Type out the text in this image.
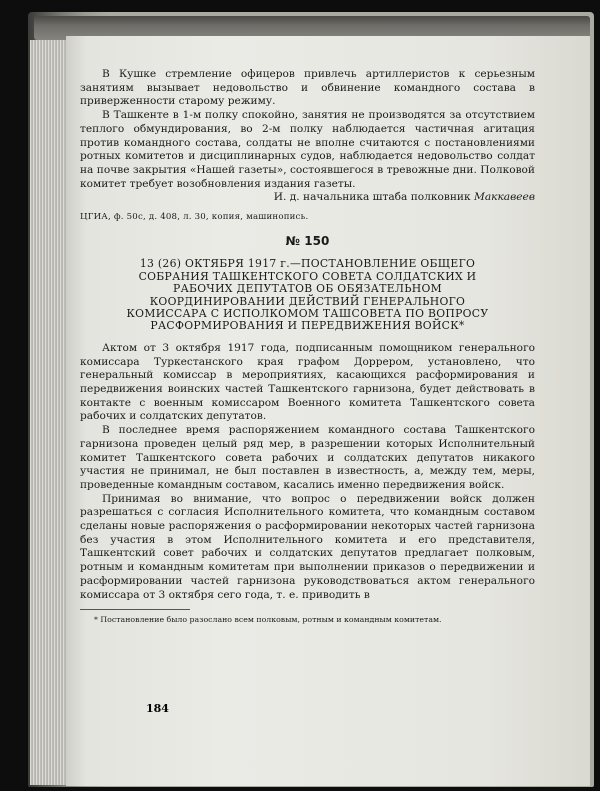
В Кушке стремление офицеров привлечь артиллеристов к серьезным занятиям вызывает недовольство и обвинение командного состава в приверженности старому режиму.

В Ташкенте в 1-м полку спокойно, занятия не производятся за отсутствием теплого обмундирования, во 2-м полку наблюдается частичная агитация против командного состава, солдаты не вполне считаются с постановлениями ротных комитетов и дисциплинарных судов, наблюдается недовольство солдат на почве закрытия «Нашей газеты», состоявшегося в тревожные дни. Полковой комитет требует возобновления издания газеты.

И. д. начальника штаба полковник Маккавеев

ЦГИА, ф. 50с, д. 408, л. 30, копия, машинопись.

№ 150

13 (26) ОКТЯБРЯ 1917 г.—ПОСТАНОВЛЕНИЕ ОБЩЕГО
СОБРАНИЯ ТАШКЕНТСКОГО СОВЕТА СОЛДАТСКИХ И
РАБОЧИХ ДЕПУТАТОВ ОБ ОБЯЗАТЕЛЬНОМ
КООРДИНИРОВАНИИ ДЕЙСТВИЙ ГЕНЕРАЛЬНОГО
КОМИССАРА С ИСПОЛКОМОМ ТАШСОВЕТА ПО ВОПРОСУ
РАСФОРМИРОВАНИЯ И ПЕРЕДВИЖЕНИЯ ВОЙСК*

Актом от 3 октября 1917 года, подписанным помощником генерального комиссара Туркестанского края графом Доррером, установлено, что генеральный комиссар в мероприятиях, касающихся расформирования и передвижения воинских частей Ташкентского гарнизона, будет действовать в контакте с военным комиссаром Военного комитета Ташкентского совета рабочих и солдатских депутатов.

В последнее время распоряжением командного состава Ташкентского гарнизона проведен целый ряд мер, в разрешении которых Исполнительный комитет Ташкентского совета рабочих и солдатских депутатов никакого участия не принимал, не был поставлен в известность, а, между тем, меры, проведенные командным составом, касались именно передвижения войск.

Принимая во внимание, что вопрос о передвижении войск должен разрешаться с согласия Исполнительного комитета, что командным составом сделаны новые распоряжения о расформировании некоторых частей гарнизона без участия в этом Исполнительного комитета и его представителя, Ташкентский совет рабочих и солдатских депутатов предлагает полковым, ротным и командным комитетам при выполнении приказов о передвижении и расформировании частей гарнизона руководствоваться актом генерального комиссара от 3 октября сего года, т. е. приводить в

* Постановление было разослано всем полковым, ротным и командным комитетам.

184
